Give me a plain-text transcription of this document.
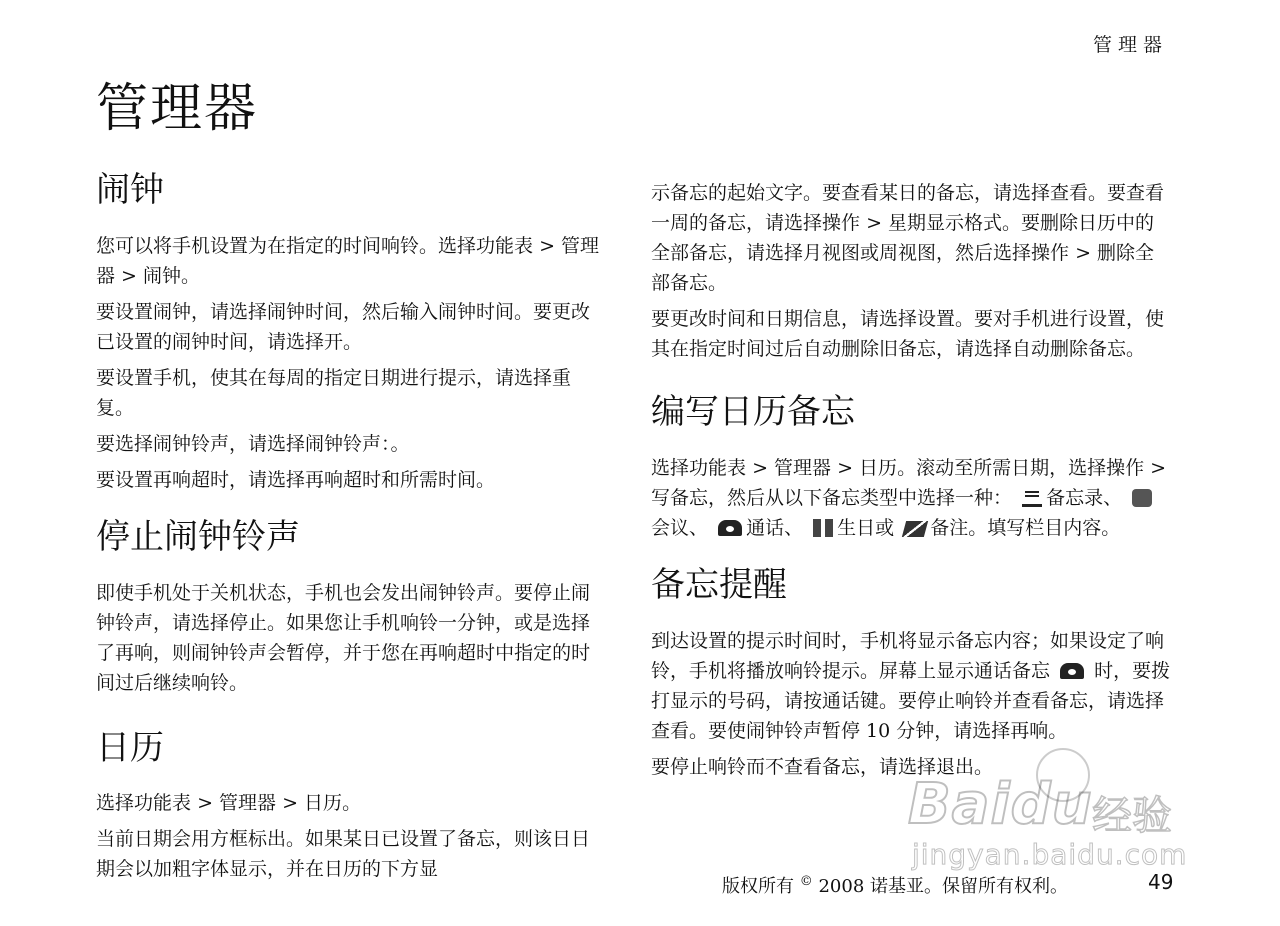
管理器
管理器
闹钟

您可以将手机设置为在指定的时间响铃。选择功能表 > 管理器 > 闹钟。

要设置闹钟，请选择闹钟时间，然后输入闹钟时间。要更改已设置的闹钟时间，请选择开。

要设置手机，使其在每周的指定日期进行提示，请选择重复。

要选择闹钟铃声，请选择闹钟铃声：。

要设置再响超时，请选择再响超时和所需时间。

停止闹钟铃声

即使手机处于关机状态，手机也会发出闹钟铃声。要停止闹钟铃声，请选择停止。如果您让手机响铃一分钟，或是选择了再响，则闹钟铃声会暂停，并于您在再响超时中指定的时间过后继续响铃。

日历

选择功能表 > 管理器 > 日历。

当前日期会用方框标出。如果某日已设置了备忘，则该日日期会以加粗字体显示，并在日历的下方显

示备忘的起始文字。要查看某日的备忘，请选择查看。要查看一周的备忘，请选择操作 > 星期显示格式。要删除日历中的全部备忘，请选择月视图或周视图，然后选择操作 > 删除全部备忘。

要更改时间和日期信息，请选择设置。要对手机进行设置，使其在指定时间过后自动删除旧备忘，请选择自动删除备忘。

编写日历备忘

选择功能表 > 管理器 > 日历。滚动至所需日期，选择操作 > 写备忘，然后从以下备忘类型中选择一种： 备忘录、 会议、 通话、 生日或 备注。填写栏目内容。

备忘提醒

到达设置的提示时间时，手机将显示备忘内容；如果设定了响铃，手机将播放响铃提示。屏幕上显示通话备忘 时，要拨打显示的号码，请按通话键。要停止响铃并查看备忘，请选择查看。要使闹钟铃声暂停 10 分钟，请选择再响。

要停止响铃而不查看备忘，请选择退出。

Baidu 经验
jingyan.baidu.com
版权所有 © 2008 诺基亚。保留所有权利。	49
